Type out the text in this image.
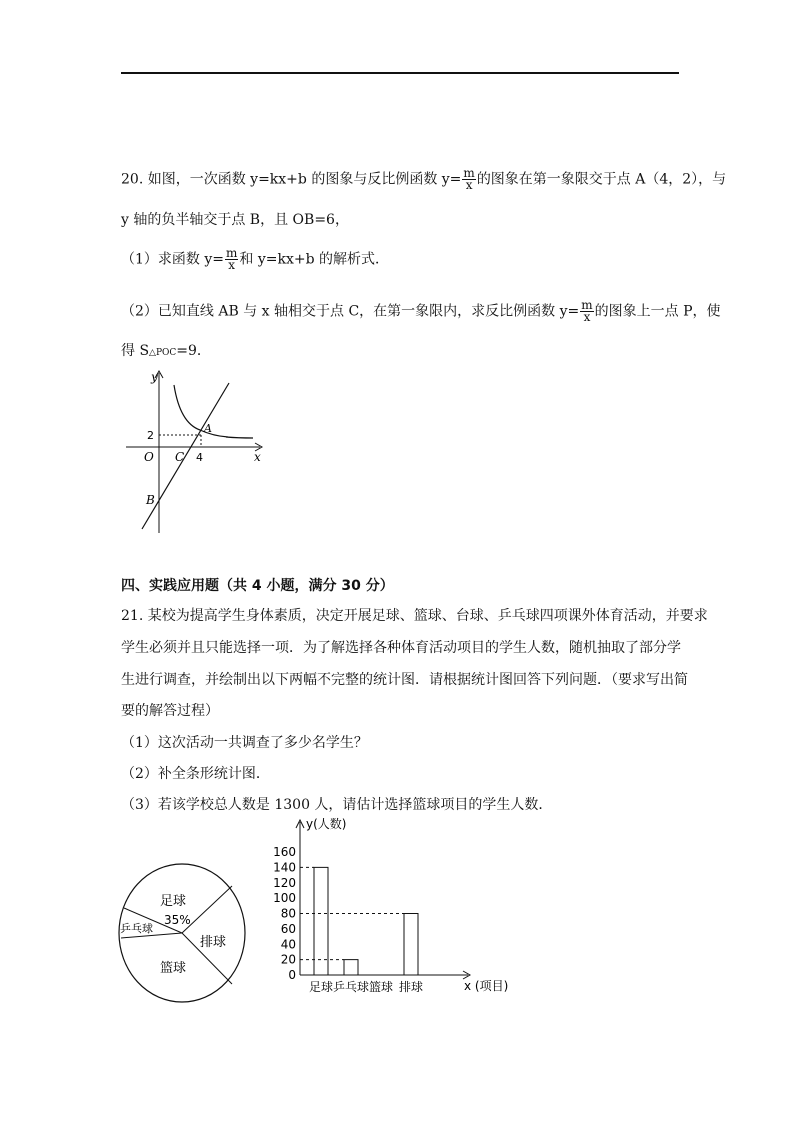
20. 如图，一次函数 y=kx+b 的图象与反比例函数 $y= \frac{m}{x}$ 的图象在第一象限交于点 A（4，2），与
y 轴的负半轴交于点 B，且 OB=6，
（1）求函数 $y= \frac{m}{x}$ 和 y=kx+b 的解析式．
（2）已知直线 AB 与 x 轴相交于点 C，在第一象限内，求反比例函数 $y= \frac{m}{x}$ 的图象上一点 P，使
得 S△POC=9．
y
x
O C 4
2
A
B
四、实践应用题（共 4 小题，满分 30 分）
21. 某校为提高学生身体素质，决定开展足球、篮球、台球、乒乓球四项课外体育活动，并要求
学生必须并且只能选择一项．为了解选择各种体育活动项目的学生人数，随机抽取了部分学
生进行调查，并绘制出以下两幅不完整的统计图．请根据统计图回答下列问题．（要求写出简
要的解答过程）
（1）这次活动一共调查了多少名学生？
（2）补全条形统计图．
（3）若该学校总人数是 1300 人，请估计选择篮球项目的学生人数．
足球
35%
乒乓球
排球
篮球
y(人数)
x (项目)
0
20
40
60
80
100
120
140
160
足球 乒乓球 篮球 排球
